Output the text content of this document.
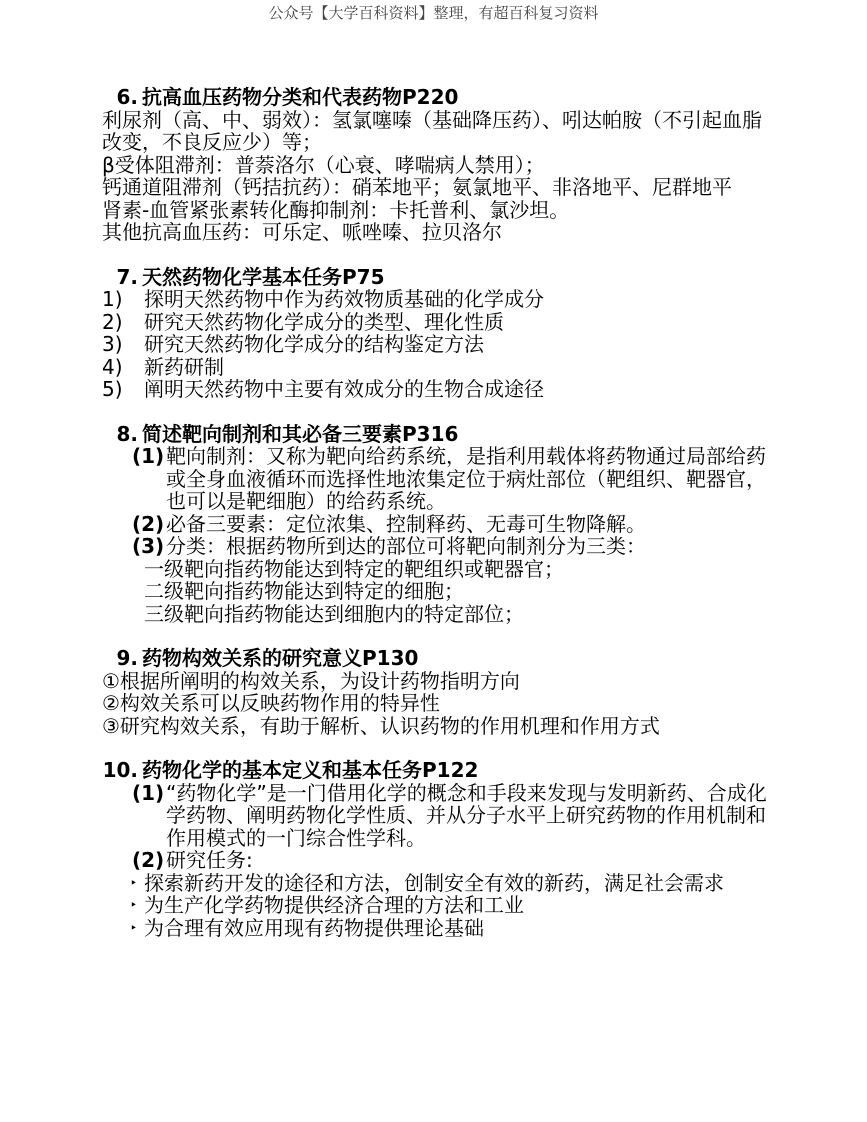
公众号【大学百科资料】整理，有超百科复习资料
6. 抗高血压药物分类和代表药物P220
利尿剂（高、中、弱效）：氢氯噻嗪（基础降压药）、吲达帕胺（不引起血脂改变，不良反应少）等；
β受体阻滞剂：普萘洛尔（心衰、哮喘病人禁用）；
钙通道阻滞剂（钙拮抗药）：硝苯地平；氨氯地平、非洛地平、尼群地平
肾素-血管紧张素转化酶抑制剂：卡托普利、氯沙坦。
其他抗高血压药：可乐定、哌唑嗪、拉贝洛尔
7. 天然药物化学基本任务P75
1)	探明天然药物中作为药效物质基础的化学成分
2)	研究天然药物化学成分的类型、理化性质
3)	研究天然药物化学成分的结构鉴定方法
4)	新药研制
5)	阐明天然药物中主要有效成分的生物合成途径
8. 简述靶向制剂和其必备三要素P316
(1) 靶向制剂：又称为靶向给药系统，是指利用载体将药物通过局部给药或全身血液循环而选择性地浓集定位于病灶部位（靶组织、靶器官，也可以是靶细胞）的给药系统。
(2) 必备三要素：定位浓集、控制释药、无毒可生物降解。
(3) 分类：根据药物所到达的部位可将靶向制剂分为三类：
一级靶向指药物能达到特定的靶组织或靶器官；
二级靶向指药物能达到特定的细胞；
三级靶向指药物能达到细胞内的特定部位；
9. 药物构效关系的研究意义P130
①根据所阐明的构效关系，为设计药物指明方向
②构效关系可以反映药物作用的特异性
③研究构效关系，有助于解析、认识药物的作用机理和作用方式
10. 药物化学的基本定义和基本任务P122
(1) “药物化学”是一门借用化学的概念和手段来发现与发明新药、合成化学药物、阐明药物化学性质、并从分子水平上研究药物的作用机制和作用模式的一门综合性学科。
(2) 研究任务:
‣ 探索新药开发的途径和方法，创制安全有效的新药，满足社会需求
‣ 为生产化学药物提供经济合理的方法和工业
‣ 为合理有效应用现有药物提供理论基础
